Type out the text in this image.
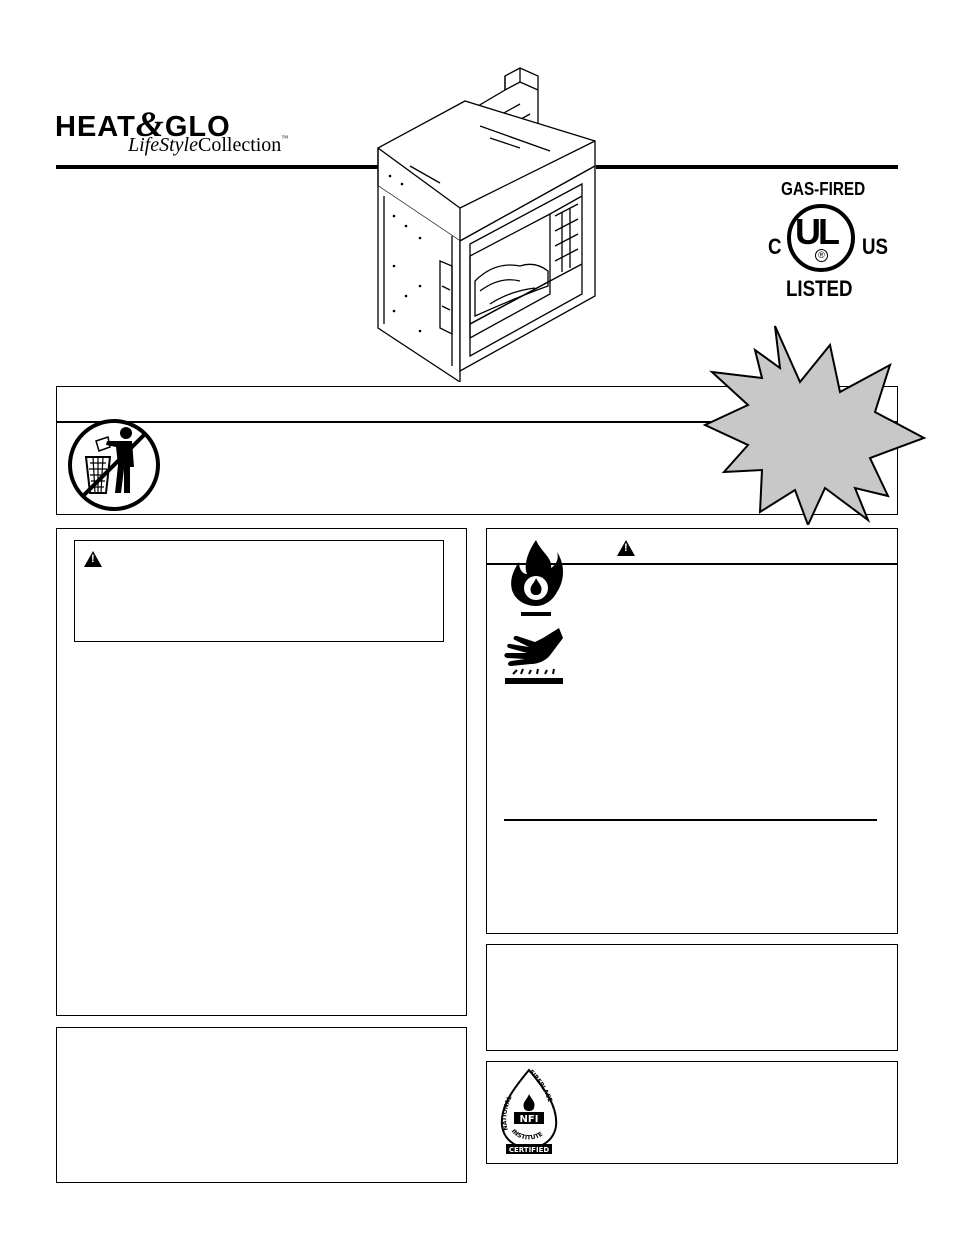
HEAT&GLO
LifeStyleCollection™
GAS-FIRED
C UL
® US
LISTED
!
!
NATIONAL
FIREPLACE
NFI
INSTITUTE
CERTIFIED
